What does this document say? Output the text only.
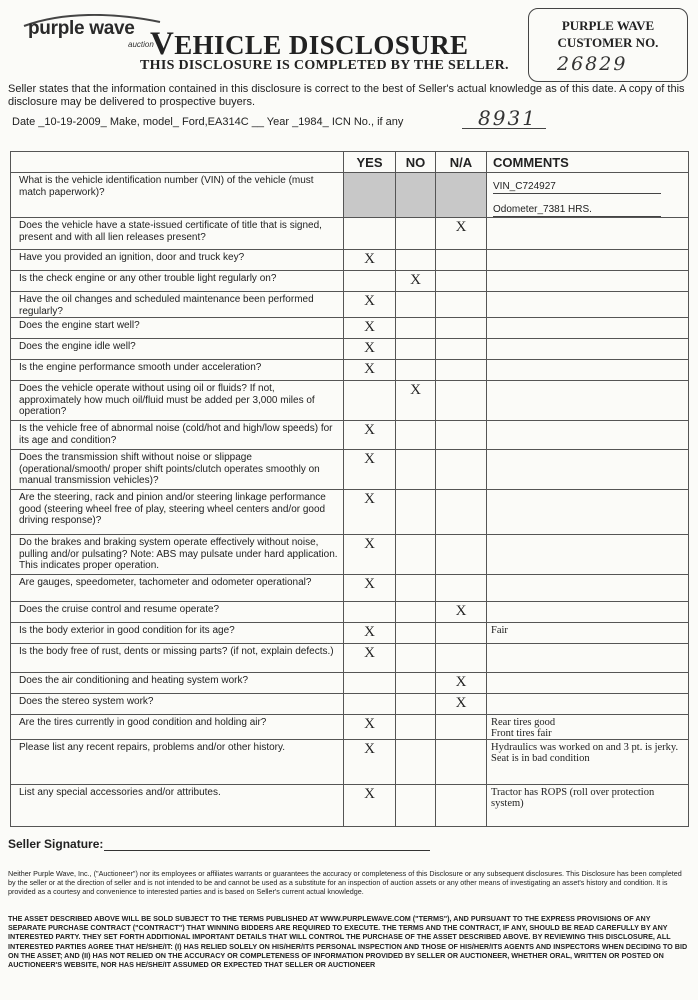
purple wave
auction
VEHICLE DISCLOSURE
THIS DISCLOSURE IS COMPLETED BY THE SELLER.
PURPLE WAVE
CUSTOMER NO.
26829
Seller states that the information contained in this disclosure is correct to the best of Seller's actual knowledge as of this date. A copy of this disclosure may be delivered to prospective buyers.
Date _10-19-2009_ Make, model_ Ford,EA314C __ Year _1984_ ICN No., if any	8931
	YES	NO	N/A	COMMENTS
What is the vehicle identification number (VIN) of the vehicle (must match paperwork)?				VIN_C724927
Odometer_7381 HRS.

Does the vehicle have a state-issued certificate of title that is signed, present and with all lien releases present?			X	

Have you provided an ignition, door and truck key?	X			

Is the check engine or any other trouble light regularly on?		X		

Have the oil changes and scheduled maintenance been performed regularly?	X			

Does the engine start well?	X			

Does the engine idle well?	X			

Is the engine performance smooth under acceleration?	X			

Does the vehicle operate without using oil or fluids? If not, approximately how much oil/fluid must be added per 3,000 miles of operation?		X		

Is the vehicle free of abnormal noise (cold/hot and high/low speeds) for its age and condition?	X			

Does the transmission shift without noise or slippage (operational/smooth/ proper shift points/clutch operates smoothly on manual transmission vehicles)?	X			

Are the steering, rack and pinion and/or steering linkage performance good (steering wheel free of play, steering wheel centers and/or good driving response)?	X			

Do the brakes and braking system operate effectively without noise, pulling and/or pulsating? Note: ABS may pulsate under hard application. This indicates proper operation.	X			

Are gauges, speedometer, tachometer and odometer operational?	X			

Does the cruise control and resume operate?			X	

Is the body exterior in good condition for its age?	X			Fair

Is the body free of rust, dents or missing parts? (if not, explain defects.)	X			

Does the air conditioning and heating system work?			X	

Does the stereo system work?			X	

Are the tires currently in good condition and holding air?	X			Rear tires good
Front tires fair

Please list any recent repairs, problems and/or other history.	X			Hydraulics was worked on and 3 pt. is jerky.
Seat is in bad condition

List any special accessories and/or attributes.	X			Tractor has ROPS (roll over protection system)
Seller Signature:
Neither Purple Wave, Inc., ("Auctioneer") nor its employees or affiliates warrants or guarantees the accuracy or completeness of this Disclosure or any subsequent disclosures. This Disclosure has been completed by the seller or at the direction of seller and is not intended to be and cannot be used as a substitute for an inspection of auction assets or any other means of investigating an asset's history and condition. It is provided as a courtesy and convenience to interested parties and is based on Seller's current actual knowledge.
THE ASSET DESCRIBED ABOVE WILL BE SOLD SUBJECT TO THE TERMS PUBLISHED AT WWW.PURPLEWAVE.COM ("TERMS"), AND PURSUANT TO THE EXPRESS PROVISIONS OF ANY SEPARATE PURCHASE CONTRACT ("CONTRACT") THAT WINNING BIDDERS ARE REQUIRED TO EXECUTE. THE TERMS AND THE CONTRACT, IF ANY, SHOULD BE READ CAREFULLY BY ANY INTERESTED PARTY. THEY SET FORTH ADDITIONAL IMPORTANT DETAILS THAT WILL CONTROL THE PURCHASE OF THE ASSET DESCRIBED ABOVE. BY REVIEWING THIS DISCLOSURE, ALL INTERESTED PARTIES AGREE THAT HE/SHE/IT: (I) HAS RELIED SOLELY ON HIS/HER/ITS PERSONAL INSPECTION AND THOSE OF HIS/HER/ITS AGENTS AND INSPECTORS WHEN DECIDING TO BID ON THE ASSET; AND (II) HAS NOT RELIED ON THE ACCURACY OR COMPLETENESS OF INFORMATION PROVIDED BY SELLER OR AUCTIONEER, WHETHER ORAL, WRITTEN OR POSTED ON AUCTIONEER'S WEBSITE, NOR HAS HE/SHE/IT ASSUMED OR EXPECTED THAT SELLER OR AUCTIONEER
